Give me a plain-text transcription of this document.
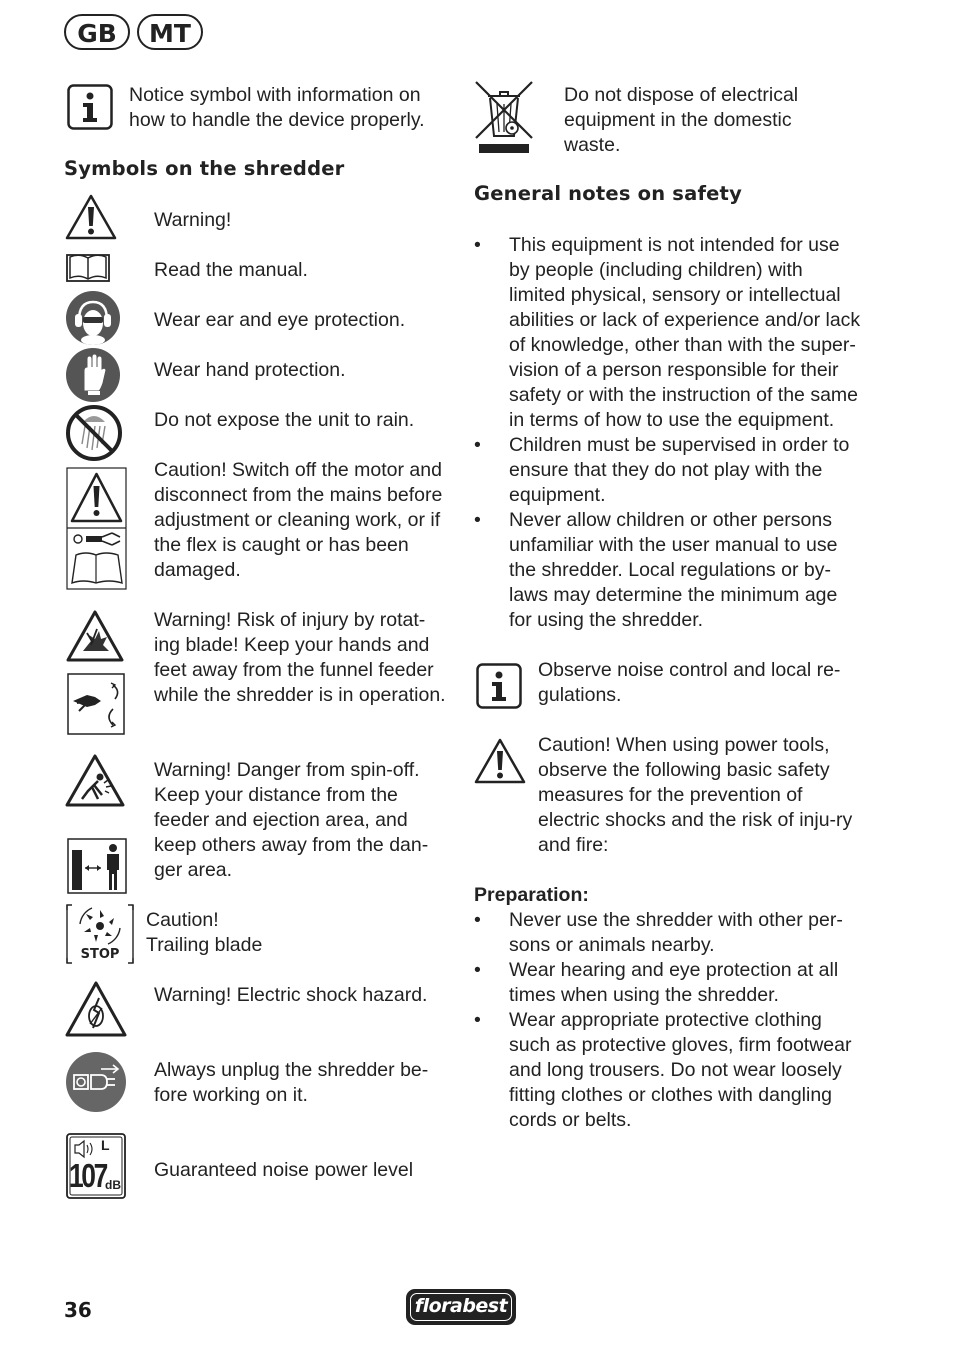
GB	MT
Notice symbol with information on how to handle the device properly.
Symbols on the shredder
Warning!
Read the manual.
Wear ear and eye protection.
Wear hand protection.
Do not expose the unit to rain.
Caution! Switch off the motor and disconnect from the mains before adjustment or cleaning work, or if the flex is caught or has been damaged.
Warning! Risk of injury by rotat-ing blade! Keep your hands and feet away from the funnel feeder while the shredder is in operation.
Warning! Danger from spin-off. Keep your distance from the feeder and ejection area, and keep others away from the dan-ger area.
STOP
Caution!
Trailing blade
Warning! Electric shock hazard.
Always unplug the shredder be-fore working on it.
L
107 dB
Guaranteed noise power level
Do not dispose of electrical equipment in the domestic waste.
General notes on safety
• This equipment is not intended for use by people (including children) with limited physical, sensory or intellectual abilities or lack of experience and/or lack of knowledge, other than with the super-vision of a person responsible for their safety or with the instruction of the same in terms of how to use the equipment.
• Children must be supervised in order to ensure that they do not play with the equipment.
• Never allow children or other persons unfamiliar with the user manual to use the shredder. Local regulations or by-laws may determine the minimum age for using the shredder.
Observe noise control and local re-gulations.
Caution! When using power tools, observe the following basic safety measures for the prevention of electric shocks and the risk of inju-ry and fire:
Preparation:
• Never use the shredder with other per-sons or animals nearby.
• Wear hearing and eye protection at all times when using the shredder.
• Wear appropriate protective clothing such as protective gloves, firm footwear and long trousers. Do not wear loosely fitting clothes or clothes with dangling cords or belts.
36	florabest
